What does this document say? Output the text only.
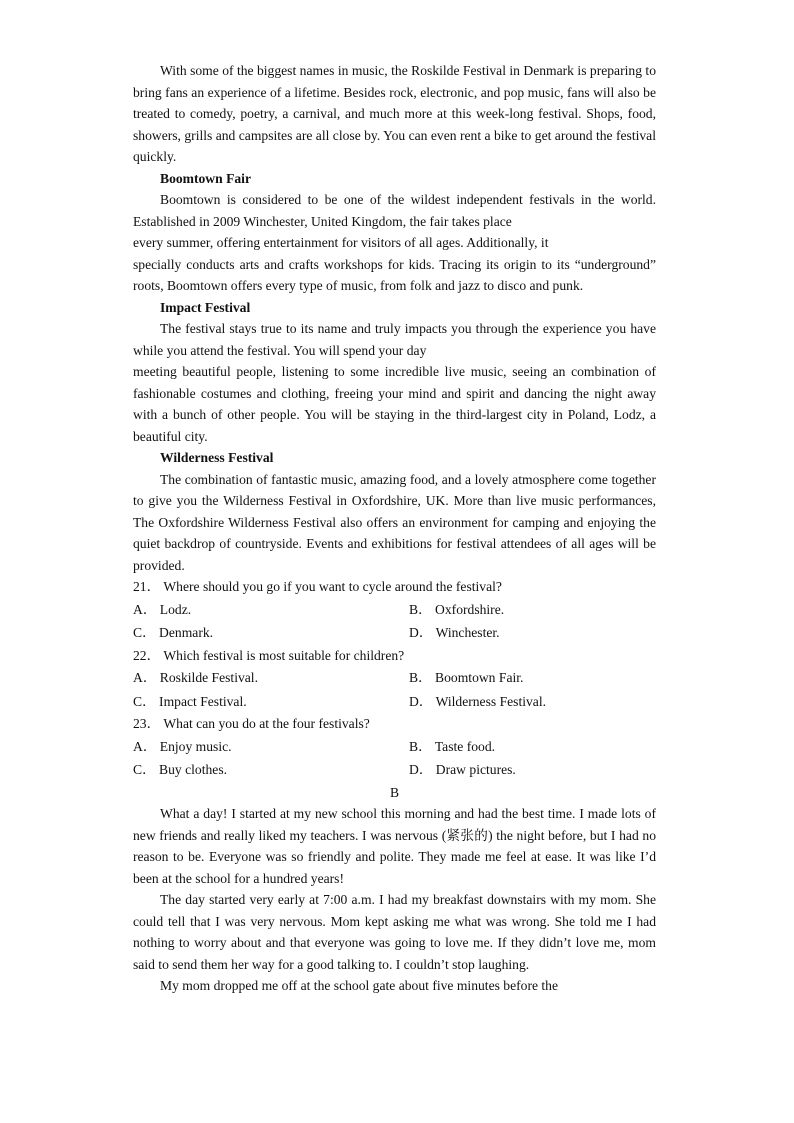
With some of the biggest names in music, the Roskilde Festival in Denmark is preparing to bring fans an experience of a lifetime. Besides rock, electronic, and pop music, fans will also be treated to comedy, poetry, a carnival, and much more at this week-long festival. Shops, food, showers, grills and campsites are all close by. You can even rent a bike to get around the festival quickly.

Boomtown Fair

Boomtown is considered to be one of the wildest independent festivals in the world. Established in 2009 Winchester, United Kingdom, the fair takes place

every summer, offering entertainment for visitors of all ages. Additionally, it

specially conducts arts and crafts workshops for kids. Tracing its origin to its “underground” roots, Boomtown offers every type of music, from folk and jazz to disco and punk.

Impact Festival

The festival stays true to its name and truly impacts you through the experience you have while you attend the festival. You will spend your day

meeting beautiful people, listening to some incredible live music, seeing an combination of fashionable costumes and clothing, freeing your mind and spirit and dancing the night away with a bunch of other people. You will be staying in the third-largest city in Poland, Lodz, a beautiful city.

Wilderness Festival

The combination of fantastic music, amazing food, and a lovely atmosphere come together to give you the Wilderness Festival in Oxfordshire, UK. More than live music performances, The Oxfordshire Wilderness Festival also offers an environment for camping and enjoying the quiet backdrop of countryside. Events and exhibitions for festival attendees of all ages will be provided.

21． Where should you go if you want to cycle around the festival?

A． Lodz.	B． Oxfordshire.
C． Denmark.	D． Winchester.

22． Which festival is most suitable for children?

A． Roskilde Festival.	B． Boomtown Fair.
C． Impact Festival.	D． Wilderness Festival.

23． What can you do at the four festivals?

A． Enjoy music.	B． Taste food.
C． Buy clothes.	D． Draw pictures.

B

What a day! I started at my new school this morning and had the best time. I made lots of new friends and really liked my teachers. I was nervous (紧张的) the night before, but I had no reason to be. Everyone was so friendly and polite. They made me feel at ease. It was like I’d been at the school for a hundred years!

The day started very early at 7:00 a.m. I had my breakfast downstairs with my mom. She could tell that I was very nervous. Mom kept asking me what was wrong. She told me I had nothing to worry about and that everyone was going to love me. If they didn’t love me, mom said to send them her way for a good talking to. I couldn’t stop laughing.

My mom dropped me off at the school gate about five minutes before the
